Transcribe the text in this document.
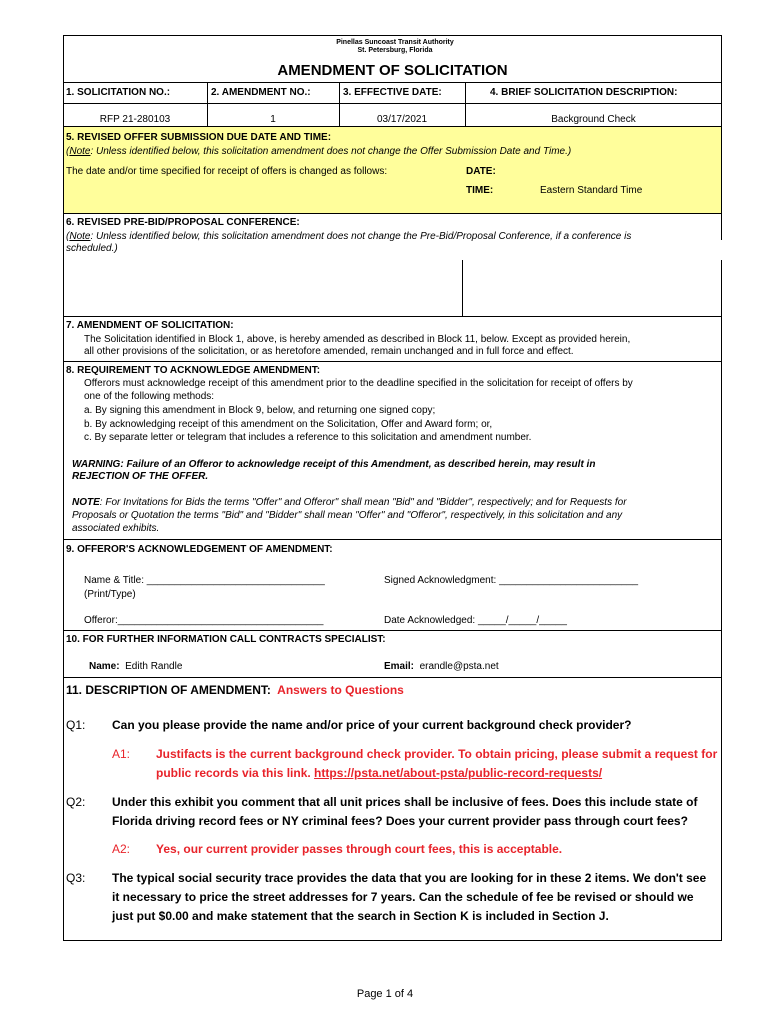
Pinellas Suncoast Transit Authority
St. Petersburg, Florida
AMENDMENT OF SOLICITATION
1. SOLICITATION NO.:	2. AMENDMENT NO.:	3. EFFECTIVE DATE:	4. BRIEF SOLICITATION DESCRIPTION:
RFP 21-280103	1	03/17/2021	Background Check
5. REVISED OFFER SUBMISSION DUE DATE AND TIME:
(Note: Unless identified below, this solicitation amendment does not change the Offer Submission Date and Time.)
The date and/or time specified for receipt of offers is changed as follows:	DATE:
TIME:	Eastern Standard Time
6. REVISED PRE-BID/PROPOSAL CONFERENCE:
(Note: Unless identified below, this solicitation amendment does not change the Pre-Bid/Proposal Conference, if a conference is
scheduled.)
7. AMENDMENT OF SOLICITATION:
The Solicitation identified in Block 1, above, is hereby amended as described in Block 11, below. Except as provided herein,
all other provisions of the solicitation, or as heretofore amended, remain unchanged and in full force and effect.
8. REQUIREMENT TO ACKNOWLEDGE AMENDMENT:
Offerors must acknowledge receipt of this amendment prior to the deadline specified in the solicitation for receipt of offers by
one of the following methods:
a. By signing this amendment in Block 9, below, and returning one signed copy;
b. By acknowledging receipt of this amendment on the Solicitation, Offer and Award form; or,
c. By separate letter or telegram that includes a reference to this solicitation and amendment number.
WARNING: Failure of an Offeror to acknowledge receipt of this Amendment, as described herein, may result in
REJECTION OF THE OFFER.
NOTE: For Invitations for Bids the terms "Offer" and Offeror" shall mean "Bid" and "Bidder", respectively; and for Requests for
Proposals or Quotation the terms "Bid" and "Bidder" shall mean "Offer" and "Offeror", respectively, in this solicitation and any
associated exhibits.
9. OFFEROR'S ACKNOWLEDGEMENT OF AMENDMENT:
Name & Title: ________________________________
(Print/Type)
Signed Acknowledgment: _________________________
Offeror:_____________________________________	Date Acknowledged: _____/_____/_____
10. FOR FURTHER INFORMATION CALL CONTRACTS SPECIALIST:
Name: Edith Randle	Email: erandle@psta.net
11. DESCRIPTION OF AMENDMENT: Answers to Questions
Q1: Can you please provide the name and/or price of your current background check provider?
A1: Justifacts is the current background check provider. To obtain pricing, please submit a request for
public records via this link. https://psta.net/about-psta/public-record-requests/
Q2: Under this exhibit you comment that all unit prices shall be inclusive of fees. Does this include state of
Florida driving record fees or NY criminal fees? Does your current provider pass through court fees?
A2: Yes, our current provider passes through court fees, this is acceptable.
Q3: The typical social security trace provides the data that you are looking for in these 2 items. We don't see
it necessary to price the street addresses for 7 years. Can the schedule of fee be revised or should we
just put $0.00 and make statement that the search in Section K is included in Section J.
Page 1 of 4
